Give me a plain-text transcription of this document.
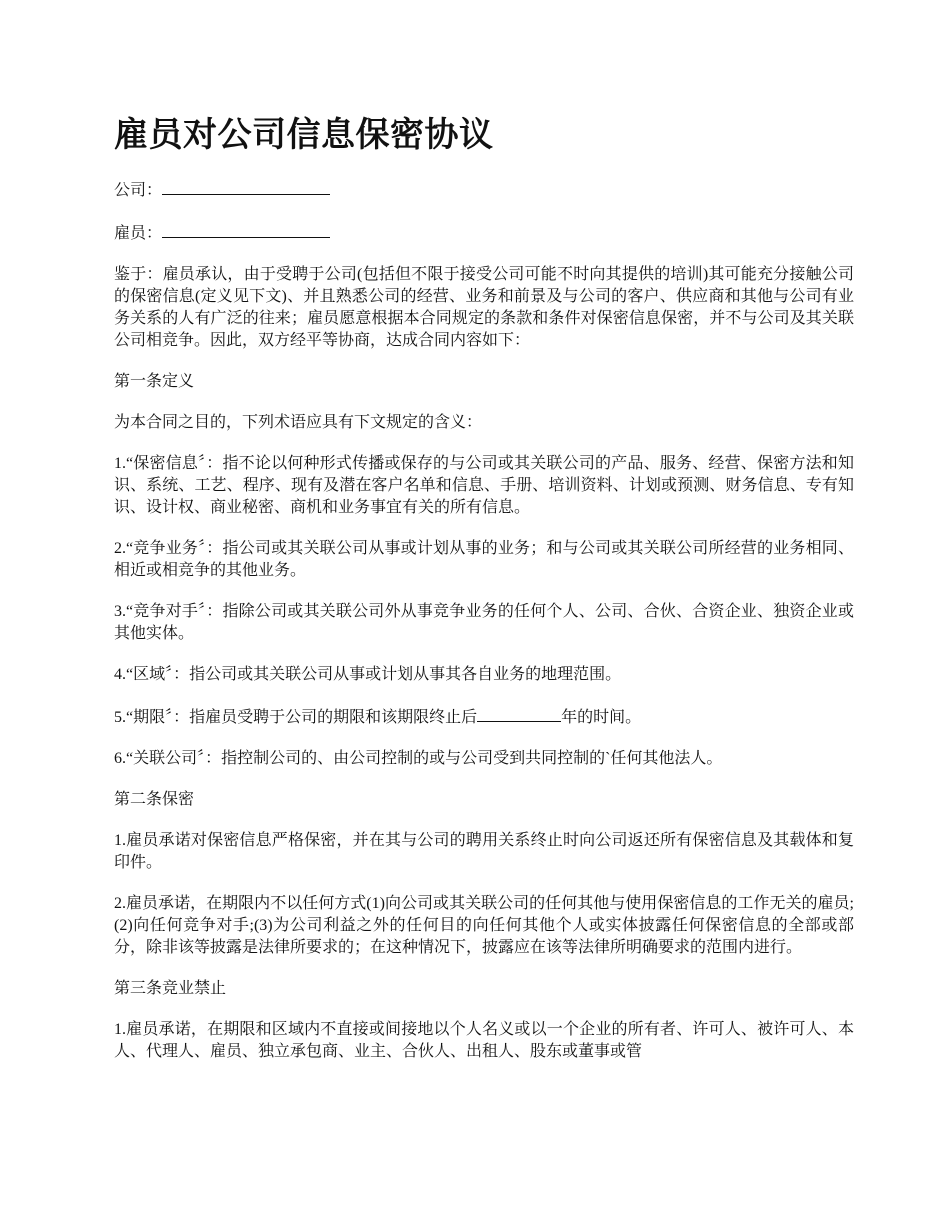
雇员对公司信息保密协议
公司：
雇员：

鉴于：雇员承认，由于受聘于公司(包括但不限于接受公司可能不时向其提供的培训)其可能充分接触公司的保密信息(定义见下文)、并且熟悉公司的经营、业务和前景及与公司的客户、供应商和其他与公司有业务关系的人有广泛的往来；雇员愿意根据本合同规定的条款和条件对保密信息保密，并不与公司及其关联公司相竞争。因此，双方经平等协商，达成合同内容如下：

第一条定义

为本合同之目的，下列术语应具有下文规定的含义：

1.“保密信息〞：指不论以何种形式传播或保存的与公司或其关联公司的产品、服务、经营、保密方法和知识、系统、工艺、程序、现有及潜在客户名单和信息、手册、培训资料、计划或预测、财务信息、专有知识、设计权、商业秘密、商机和业务事宜有关的所有信息。

2.“竞争业务〞：指公司或其关联公司从事或计划从事的业务；和与公司或其关联公司所经营的业务相同、相近或相竞争的其他业务。

3.“竞争对手〞：指除公司或其关联公司外从事竞争业务的任何个人、公司、合伙、合资企业、独资企业或其他实体。

4.“区域〞：指公司或其关联公司从事或计划从事其各自业务的地理范围。

5.“期限〞：指雇员受聘于公司的期限和该期限终止后	年的时间。

6.“关联公司〞：指控制公司的、由公司控制的或与公司受到共同控制的`任何其他法人。

第二条保密

1.雇员承诺对保密信息严格保密，并在其与公司的聘用关系终止时向公司返还所有保密信息及其载体和复印件。

2.雇员承诺，在期限内不以任何方式(1)向公司或其关联公司的任何其他与使用保密信息的工作无关的雇员;(2)向任何竞争对手;(3)为公司利益之外的任何目的向任何其他个人或实体披露任何保密信息的全部或部分，除非该等披露是法律所要求的；在这种情况下，披露应在该等法律所明确要求的范围内进行。

第三条竞业禁止

1.雇员承诺，在期限和区域内不直接或间接地以个人名义或以一个企业的所有者、许可人、被许可人、本人、代理人、雇员、独立承包商、业主、合伙人、出租人、股东或董事或管
